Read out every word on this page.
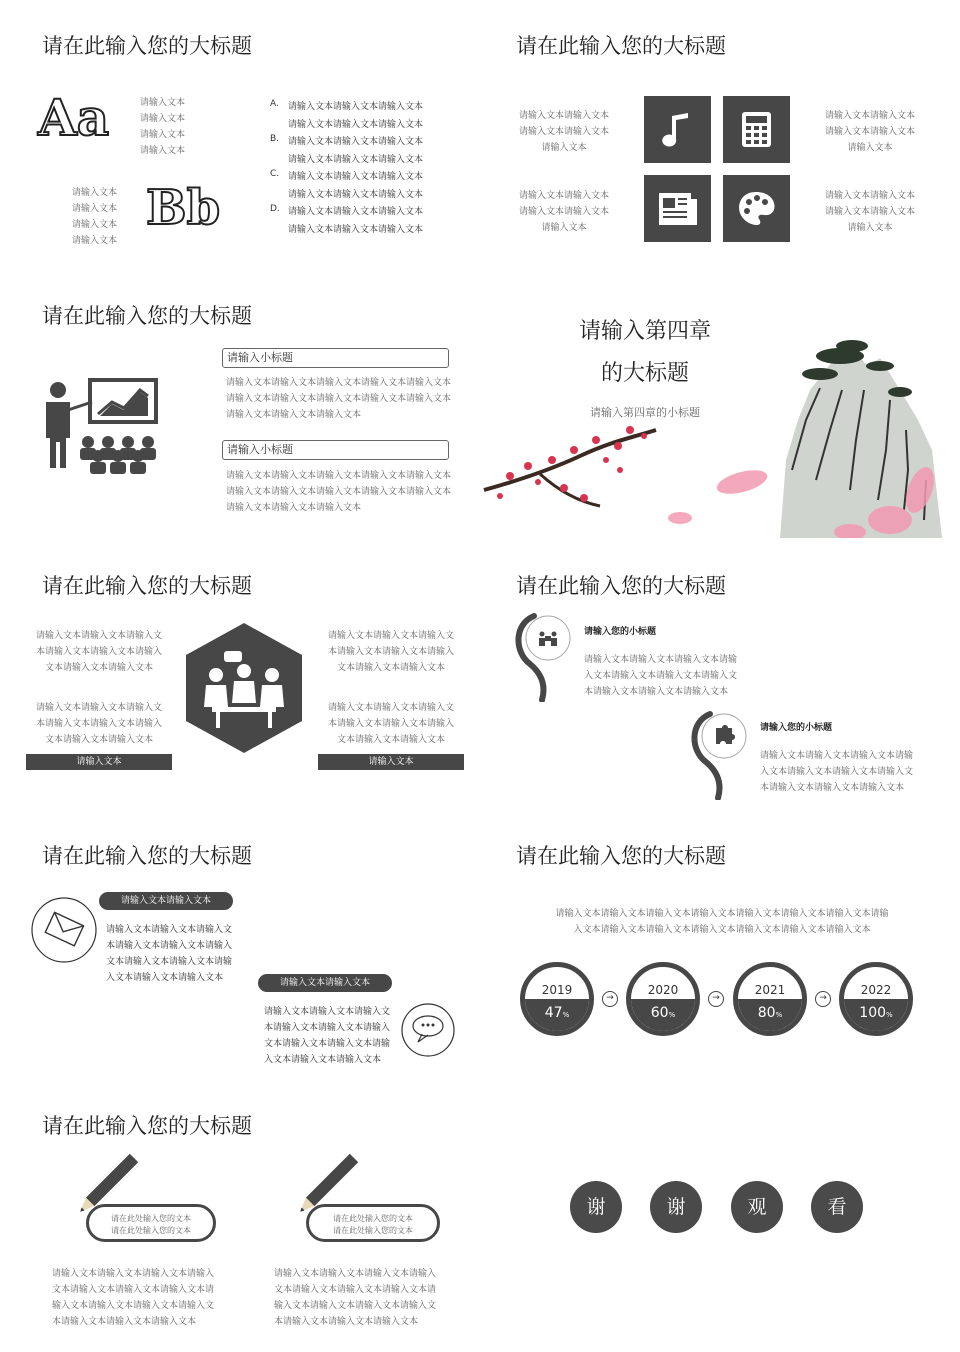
请在此输入您的大标题
Aa	请输入文本
请输入文本
请输入文本
请输入文本
请输入文本
请输入文本
请输入文本
请输入文本
Bb
A.	请输入文本请输入文本请输入文本
请输入文本请输入文本请输入文本
B. 请输入文本请输入文本请输入文本
请输入文本请输入文本请输入文本
C. 请输入文本请输入文本请输入文本
请输入文本请输入文本请输入文本
D. 请输入文本请输入文本请输入文本
请输入文本请输入文本请输入文本
请在此输入您的大标题
请输入文本请输入文本
请输入文本请输入文本
请输入文本
请输入文本请输入文本
请输入文本请输入文本
请输入文本
请输入文本请输入文本
请输入文本请输入文本
请输入文本
请输入文本请输入文本
请输入文本请输入文本
请输入文本
请在此输入您的大标题
请输入小标题
请输入文本请输入文本请输入文本请输入文本请输入文本
请输入文本请输入文本请输入文本请输入文本请输入文本
请输入文本请输入文本请输入文本
请输入小标题
请输入文本请输入文本请输入文本请输入文本请输入文本
请输入文本请输入文本请输入文本请输入文本请输入文本
请输入文本请输入文本请输入文本
请输入第四章
的大标题
请输入第四章的小标题
请在此输入您的大标题
请输入文本请输入文本请输入文
本请输入文本请输入文本请输入
文本请输入文本请输入文本
请输入文本请输入文本请输入文
本请输入文本请输入文本请输入
文本请输入文本请输入文本
请输入文本请输入文本请输入文
本请输入文本请输入文本请输入
文本请输入文本请输入文本
请输入文本请输入文本请输入文
本请输入文本请输入文本请输入
文本请输入文本请输入文本
请输入文本	请输入文本
请在此输入您的大标题
请输入您的小标题
请输入文本请输入文本请输入文本请输
入文本请输入文本请输入文本请输入文
本请输入文本请输入文本请输入文本
请输入您的小标题
请输入文本请输入文本请输入文本请输
入文本请输入文本请输入文本请输入文
本请输入文本请输入文本请输入文本
请在此输入您的大标题
请输入文本请输入文本
请输入文本请输入文本请输入文
本请输入文本请输入文本请输入
文本请输入文本请输入文本请输
入文本请输入文本请输入文本	请输入文本请输入文本
请输入文本请输入文本请输入文
本请输入文本请输入文本请输入
文本请输入文本请输入文本请输
入文本请输入文本请输入文本
请在此输入您的大标题
请输入文本请输入文本请输入文本请输入文本请输入文本请输入文本请输入文本请输
入文本请输入文本请输入文本请输入文本请输入文本请输入文本请输入文本
2019
47%
→
2020
60%
→
2021
80%
→
2022
100%
请在此输入您的大标题
请在此处输入您的文本
请在此处输入您的文本
请输入文本请输入文本请输入文本请输入
文本请输入文本请输入文本请输入文本请
输入文本请输入文本请输入文本请输入文
本请输入文本请输入文本请输入文本
请在此处输入您的文本
请在此处输入您的文本
请输入文本请输入文本请输入文本请输入
文本请输入文本请输入文本请输入文本请
输入文本请输入文本请输入文本请输入文
本请输入文本请输入文本请输入文本
谢	谢	观	看
